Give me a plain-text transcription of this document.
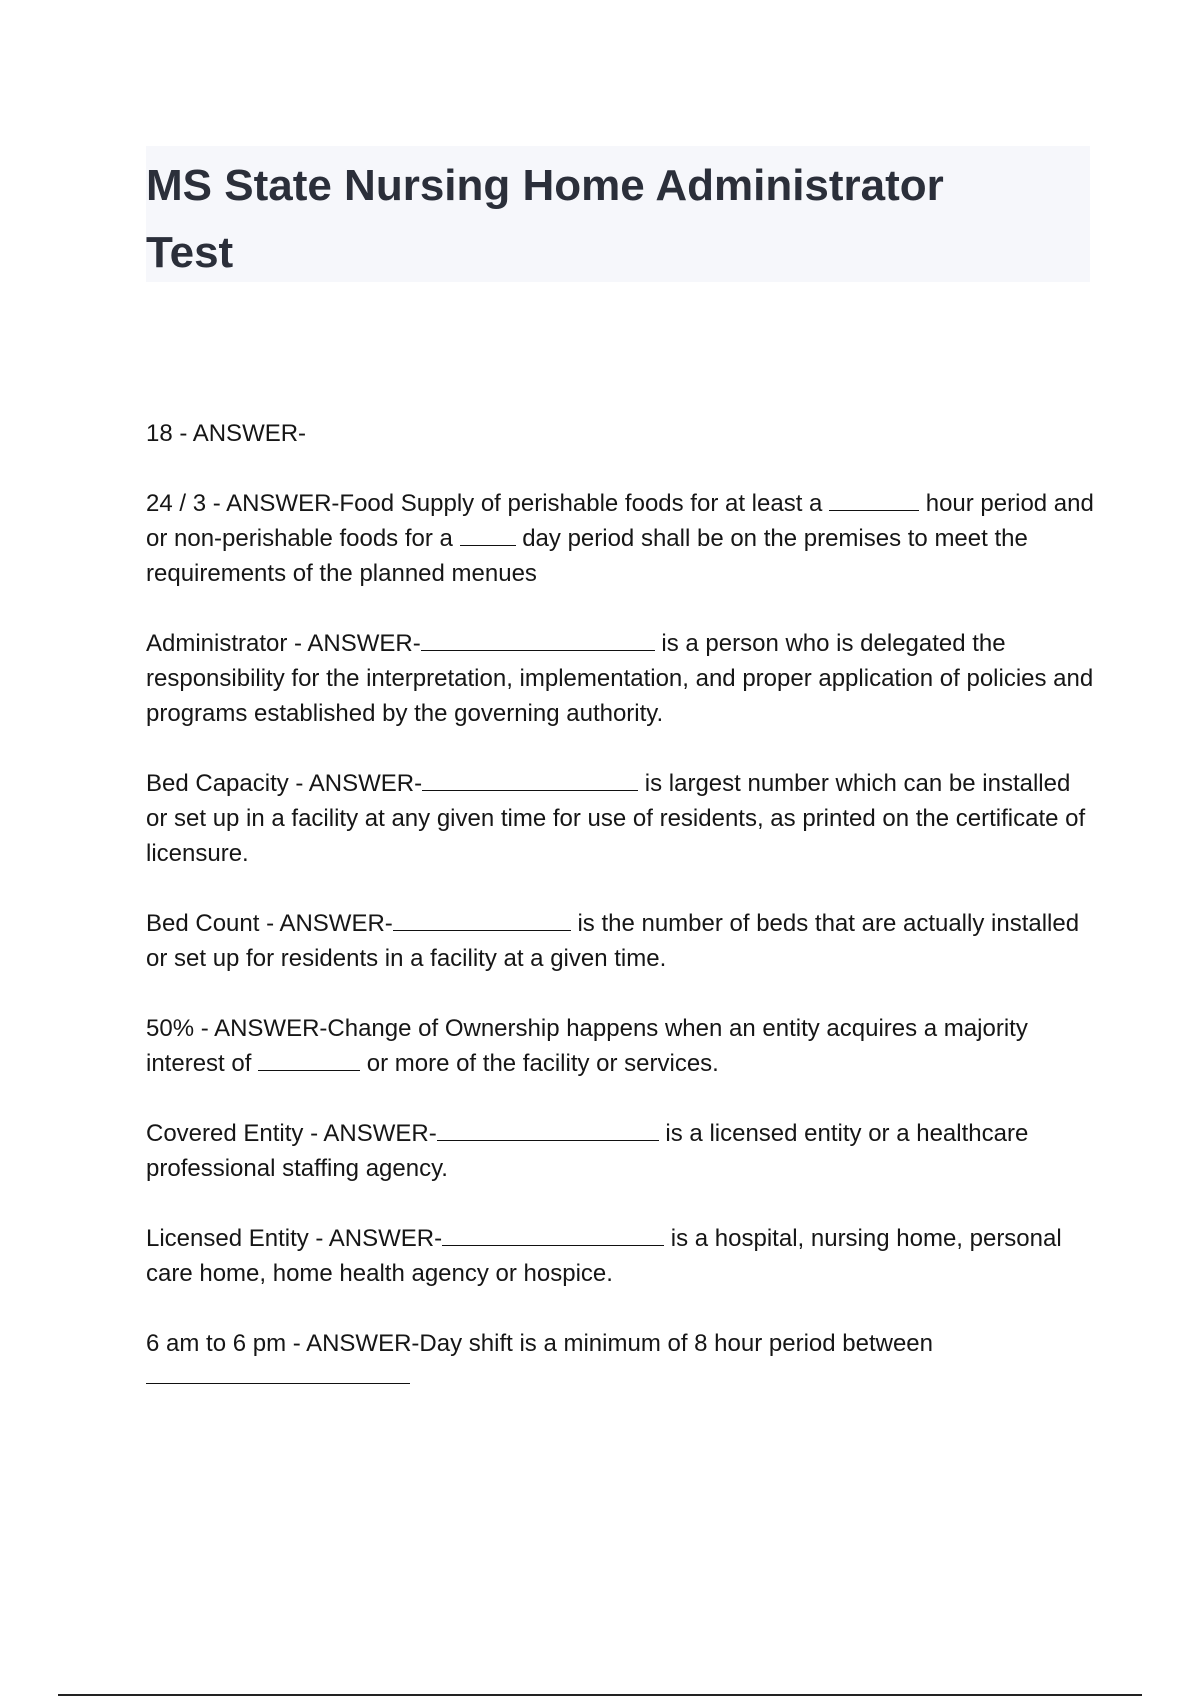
MS State Nursing Home Administrator Test

18 - ANSWER-

24 / 3 - ANSWER-Food Supply of perishable foods for at least a	hour period and or non-perishable foods for a  day period shall be on the premises to meet the requirements of the planned menues

Administrator - ANSWER-	is a person who is delegated the responsibility for the interpretation, implementation, and proper application of policies and programs established by the governing authority.

Bed Capacity - ANSWER-	is largest number which can be installed or set up in a facility at any given time for use of residents, as printed on the certificate of licensure.

Bed Count - ANSWER-	is the number of beds that are actually installed or set up for residents in a facility at a given time.

50% - ANSWER-Change of Ownership happens when an entity acquires a majority interest of	or more of the facility or services.

Covered Entity - ANSWER-	is a licensed entity or a healthcare professional staffing agency.

Licensed Entity - ANSWER-	is a hospital, nursing home, personal care home, home health agency or hospice.

6 am to 6 pm - ANSWER-Day shift is a minimum of 8 hour period between
